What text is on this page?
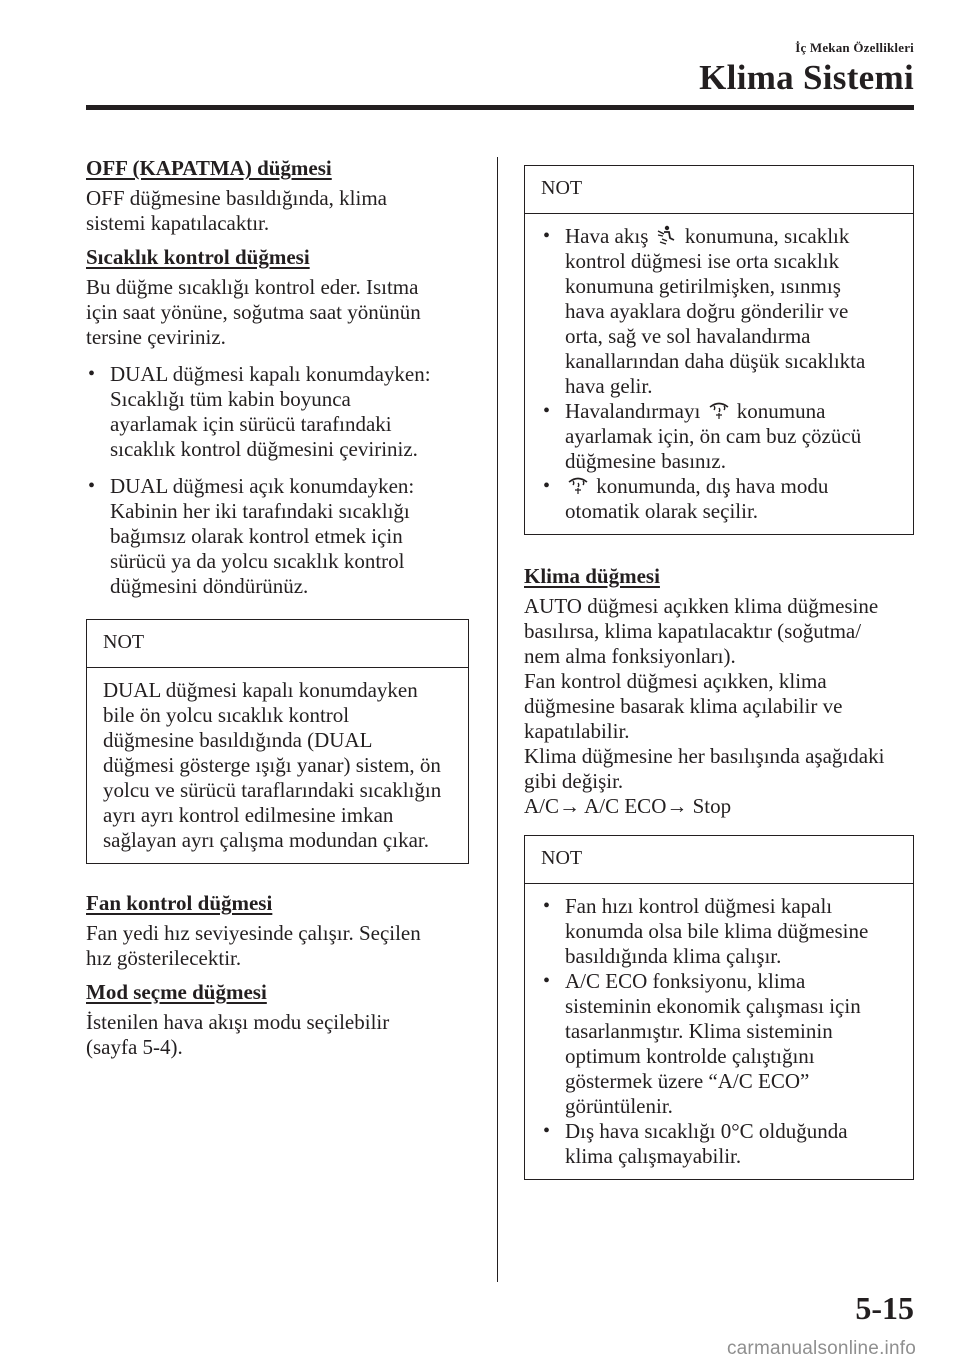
İç Mekan Özellikleri
Klima Sistemi
OFF (KAPATMA) düğmesi

OFF düğmesine basıldığında, klima
sistemi kapatılacaktır.

Sıcaklık kontrol düğmesi

Bu düğme sıcaklığı kontrol eder. Isıtma
için saat yönüne, soğutma saat yönünün
tersine çeviriniz.

• DUAL düğmesi kapalı konumdayken:
Sıcaklığı tüm kabin boyunca
ayarlamak için sürücü tarafındaki
sıcaklık kontrol düğmesini çeviriniz.
• DUAL düğmesi açık konumdayken:
Kabinin her iki tarafındaki sıcaklığı
bağımsız olarak kontrol etmek için
sürücü ya da yolcu sıcaklık kontrol
düğmesini döndürünüz.
NOT
DUAL düğmesi kapalı konumdayken
bile ön yolcu sıcaklık kontrol
düğmesine basıldığında (DUAL
düğmesi gösterge ışığı yanar) sistem, ön
yolcu ve sürücü taraflarındaki sıcaklığın
ayrı ayrı kontrol edilmesine imkan
sağlayan ayrı çalışma modundan çıkar.
Fan kontrol düğmesi

Fan yedi hız seviyesinde çalışır. Seçilen
hız gösterilecektir.

Mod seçme düğmesi

İstenilen hava akışı modu seçilebilir
(sayfa 5-4).

NOT
• Hava akış konumuna, sıcaklık
kontrol düğmesi ise orta sıcaklık
konumuna getirilmişken, ısınmış
hava ayaklara doğru gönderilir ve
orta, sağ ve sol havalandırma
kanallarından daha düşük sıcaklıkta
hava gelir.
• Havalandırmayı konumuna
ayarlamak için, ön cam buz çözücü
düğmesine basınız.
• konumunda, dış hava modu
otomatik olarak seçilir.
Klima düğmesi

AUTO düğmesi açıkken klima düğmesine
basılırsa, klima kapatılacaktır (soğutma/
nem alma fonksiyonları).
Fan kontrol düğmesi açıkken, klima
düğmesine basarak klima açılabilir ve
kapatılabilir.
Klima düğmesine her basılışında aşağıdaki
gibi değişir.
A/C→ A/C ECO→ Stop

NOT
• Fan hızı kontrol düğmesi kapalı
konumda olsa bile klima düğmesine
basıldığında klima çalışır.
• A/C ECO fonksiyonu, klima
sisteminin ekonomik çalışması için
tasarlanmıştır. Klima sisteminin
optimum kontrolde çalıştığını
göstermek üzere “A/C ECO”
görüntülenir.
• Dış hava sıcaklığı 0°C olduğunda
klima çalışmayabilir.
5-15
carmanualsonline.info
